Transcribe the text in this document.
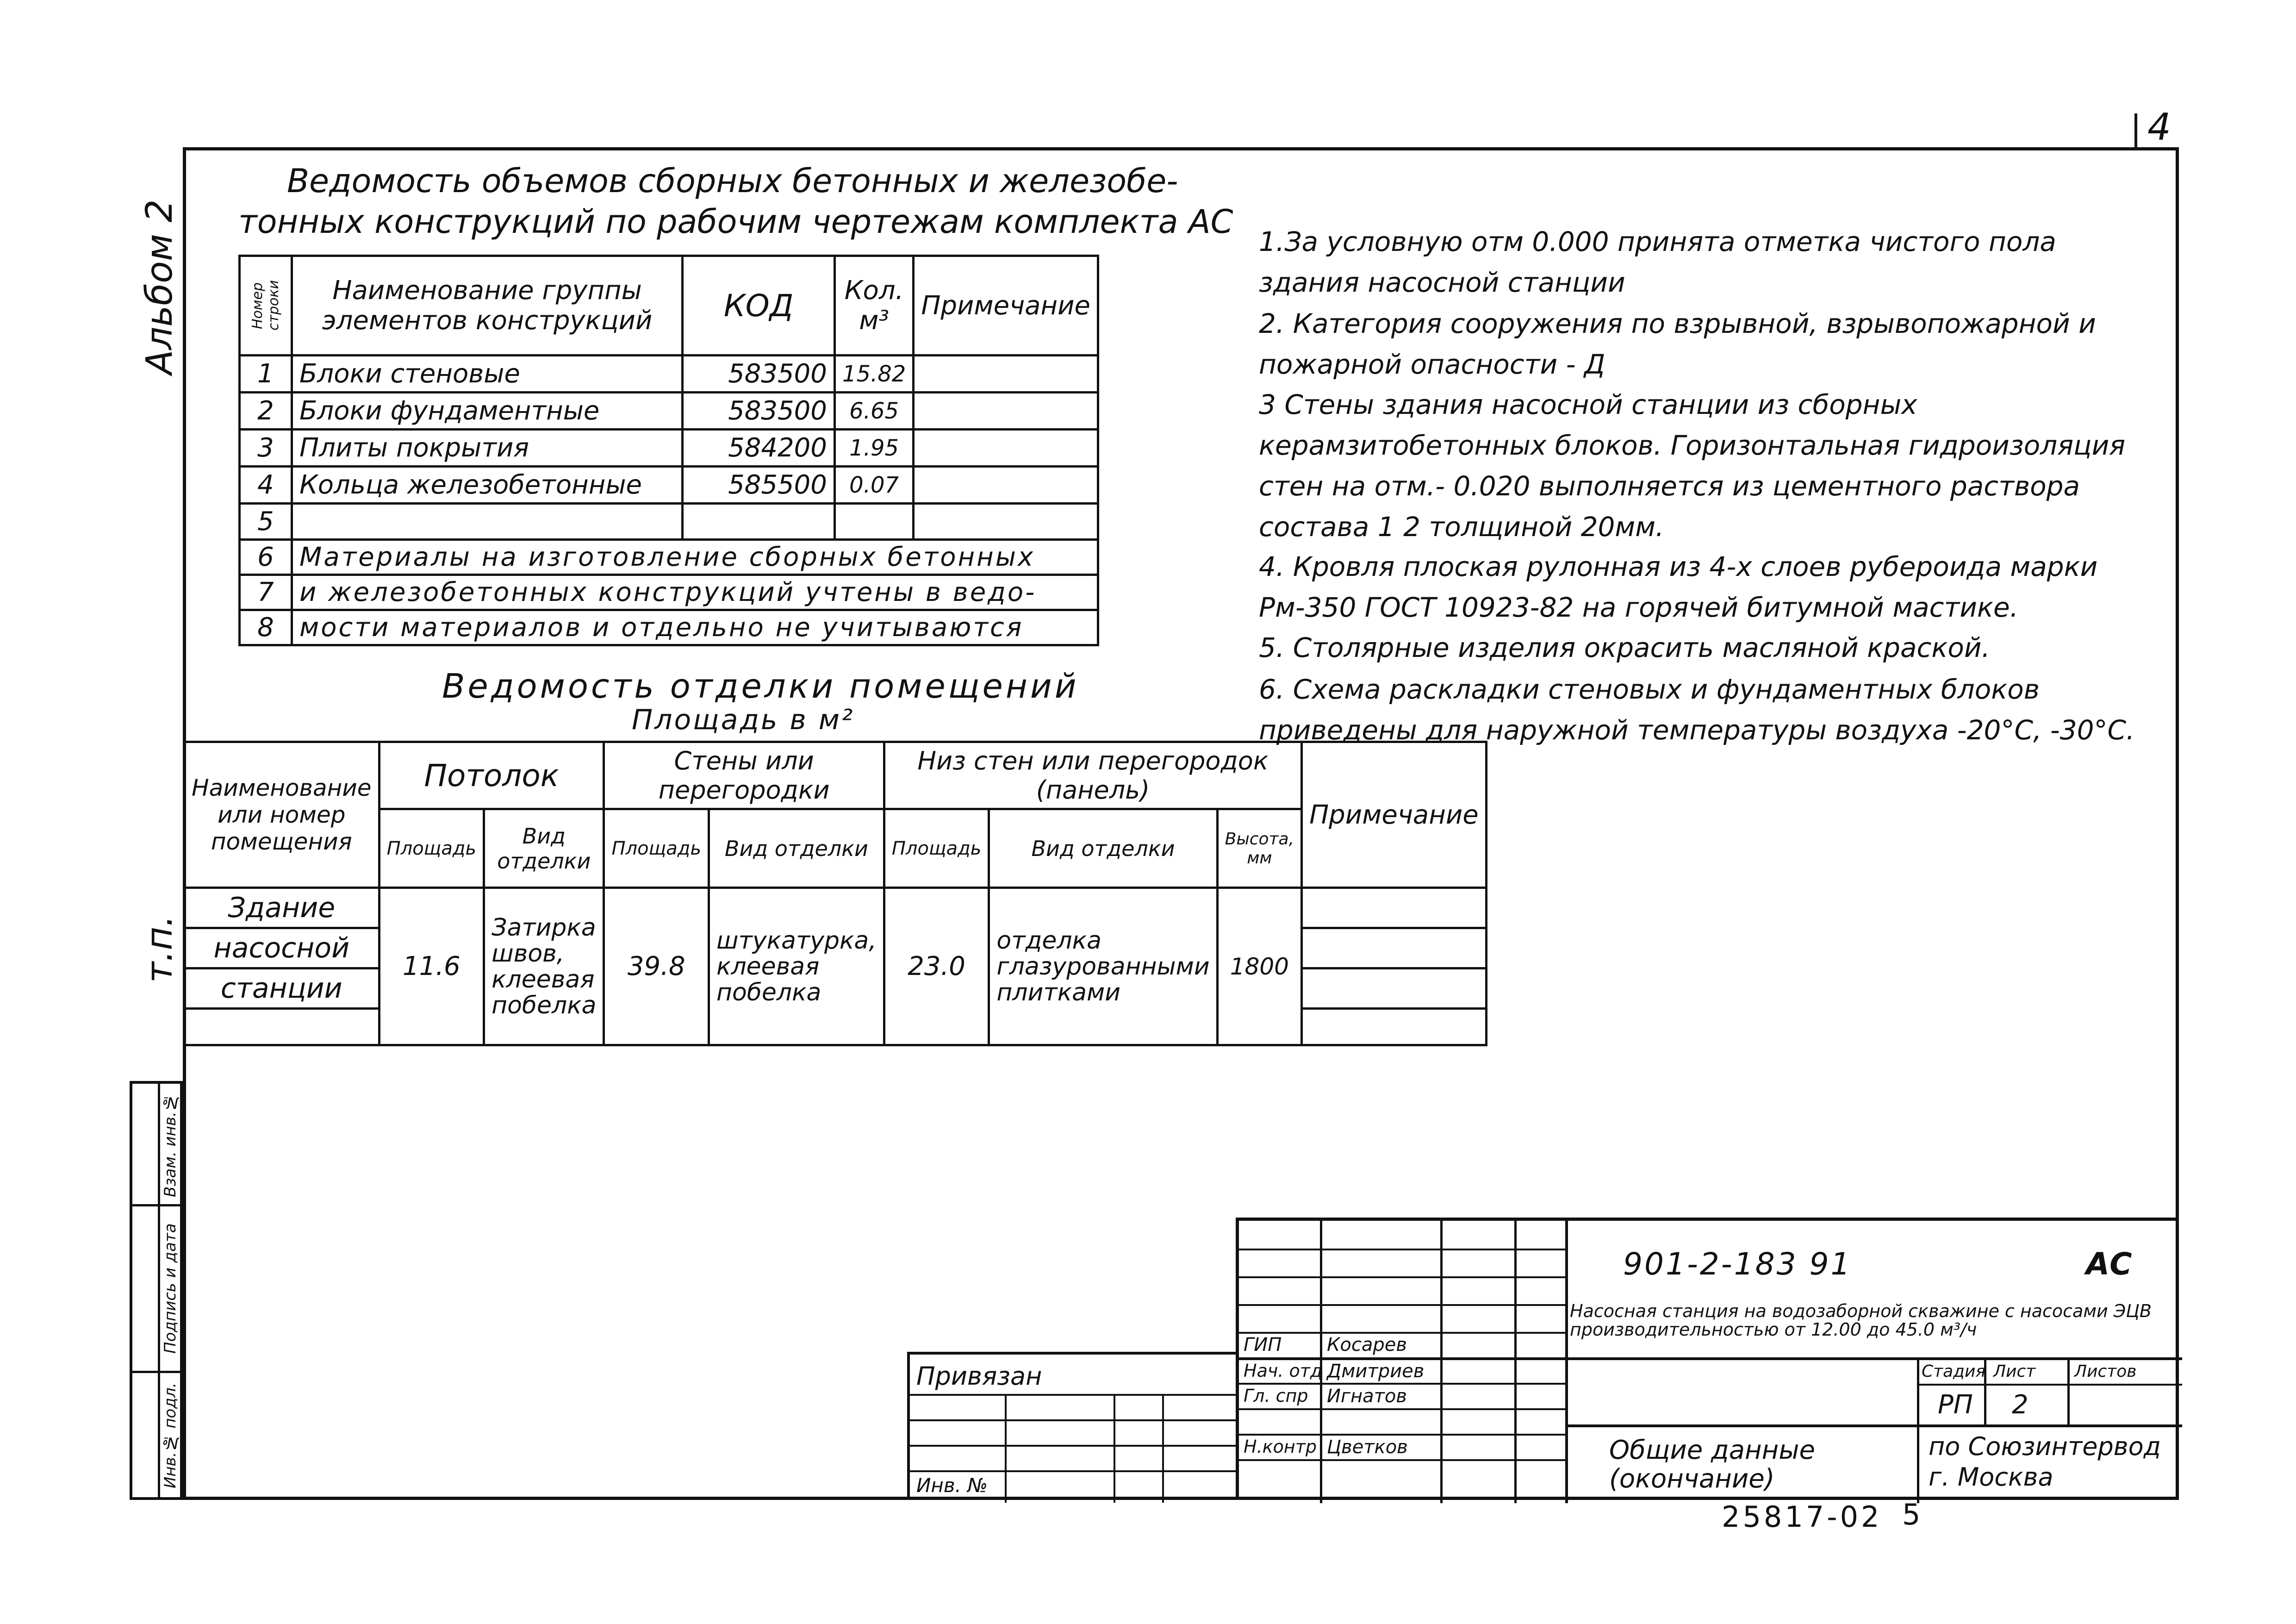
4
Альбом 2
т.п.
Инв.№ подл.
Подпись и дата
Взам. инв.№
Ведомость объемов сборных бетонных и железобе-
тонных конструкций по рабочим чертежам комплекта АС
Номер строки	Наименование группы элементов конструкций	КОД	Кол. м³	Примечание
1	Блоки стеновые	583500	15.82	
2	Блоки фундаментные	583500	6.65	
3	Плиты покрытия	584200	1.95	
4	Кольца железобетонные	585500	0.07	
5				
6	Материалы на изготовление сборных бетонных			
7	и железобетонных конструкций учтены в ведо-			
8	мости материалов и отдельно не учитываются			
Ведомость отделки помещений
Площадь в м²
Наименование или номер помещения	Потолок		Стены или перегородки		Низ стен или перегородок (панель)			Примечание
	Площадь	Вид отделки	Площадь	Вид отделки	Площадь	Вид отделки	Высота, мм	

Здание
насосной
станции	11.6	Затирка швов, клеевая побелка	39.8	штукатурка, клеевая побелка	23.0	отделка глазурованными плитками	1800	
1.За условную отм 0.000 принята отметка чистого пола здания насосной станции
2. Категория сооружения по взрывной, взрывопожарной и пожарной опасности - Д
3 Стены здания насосной станции из сборных керамзитобетонных блоков. Горизонтальная гидроизоляция стен на отм.- 0.020 выполняется из цементного раствора состава 1 2 толщиной 20мм.
4. Кровля плоская рулонная из 4-х слоев рубероида марки Рм-350 ГОСТ 10923-82 на горячей битумной мастике.
5. Столярные изделия окрасить масляной краской.
6. Схема раскладки стеновых и фундаментных блоков приведены для наружной температуры воздуха -20°С, -30°С.
901-2-183 91	АС
Насосная станция на водозаборной скважине с насосами ЭЦВ производительностью от 12.00 до 45.0 м³/ч
ГИП Косарев
Нач. отд Дмитриев
Гл. спр Игнатов
Н.контр Цветков
Стадия Лист Листов
РП 2
Общие данные (окончание)
по Союзинтервод г. Москва
Привязан
Инв. №
25817-02 5
